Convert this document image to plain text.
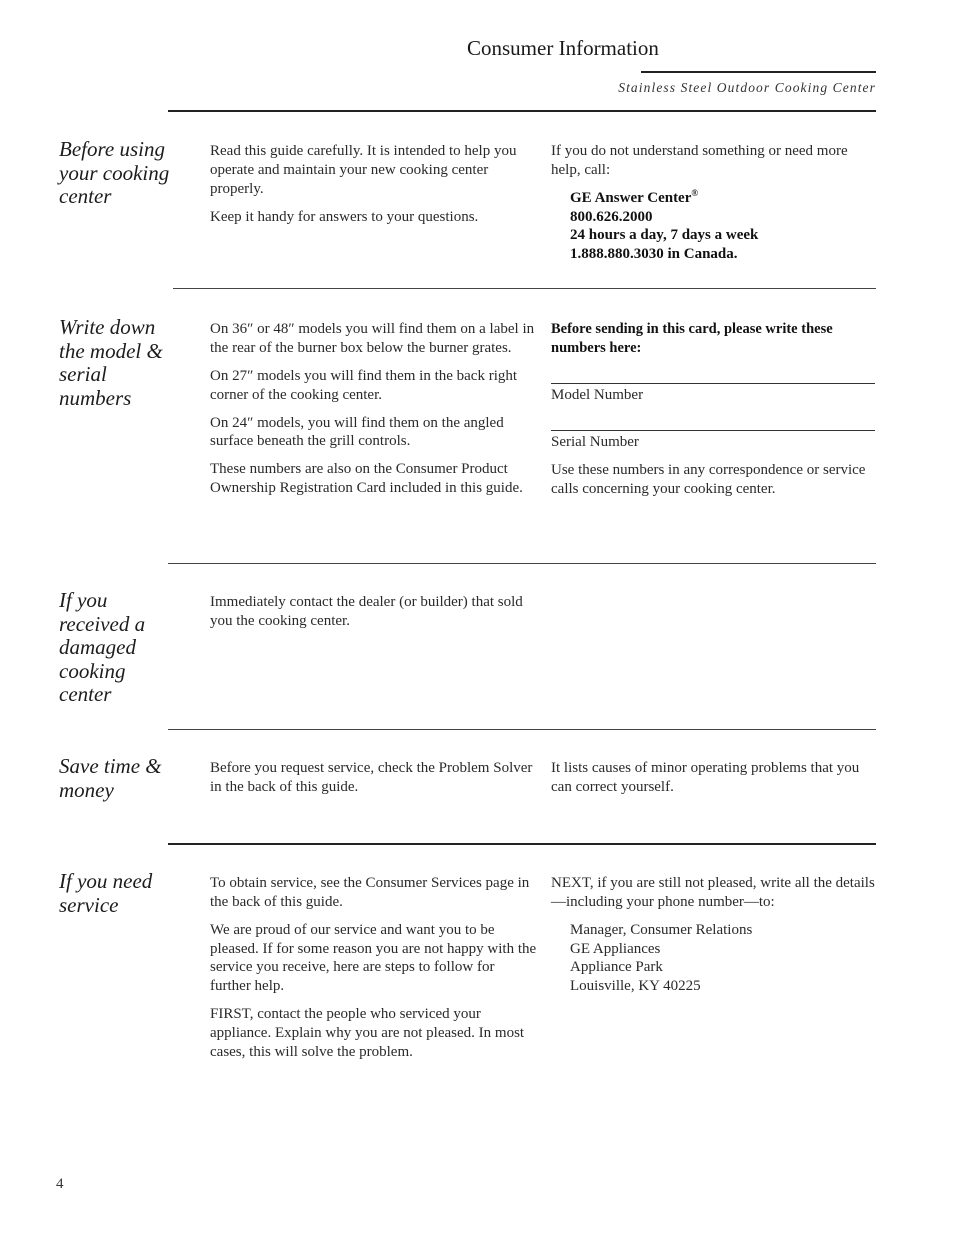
Consumer Information
Stainless Steel Outdoor Cooking Center
Before using your cooking center

Read this guide carefully. It is intended to help you operate and maintain your new cooking center properly.

Keep it handy for answers to your questions.

If you do not understand something or need more help, call:

GE Answer Center®
800.626.2000
24 hours a day, 7 days a week
1.888.880.3030 in Canada.
Write down the model & serial numbers

On 36″ or 48″ models you will find them on a label in the rear of the burner box below the burner grates.

On 27″ models you will find them in the back right corner of the cooking center.

On 24″ models, you will find them on the angled surface beneath the grill controls.

These numbers are also on the Consumer Product Ownership Registration Card included in this guide.

Before sending in this card, please write these numbers here:

Model Number
Serial Number

Use these numbers in any correspondence or service calls concerning your cooking center.

If you received a damaged cooking center

Immediately contact the dealer (or builder) that sold you the cooking center.

Save time & money

Before you request service, check the Problem Solver in the back of this guide.

It lists causes of minor operating problems that you can correct yourself.

If you need service

To obtain service, see the Consumer Services page in the back of this guide.

We are proud of our service and want you to be pleased. If for some reason you are not happy with the service you receive, here are steps to follow for further help.

FIRST, contact the people who serviced your appliance. Explain why you are not pleased. In most cases, this will solve the problem.

NEXT, if you are still not pleased, write all the details—including your phone number—to:

Manager, Consumer Relations
GE Appliances
Appliance Park
Louisville, KY 40225
4
